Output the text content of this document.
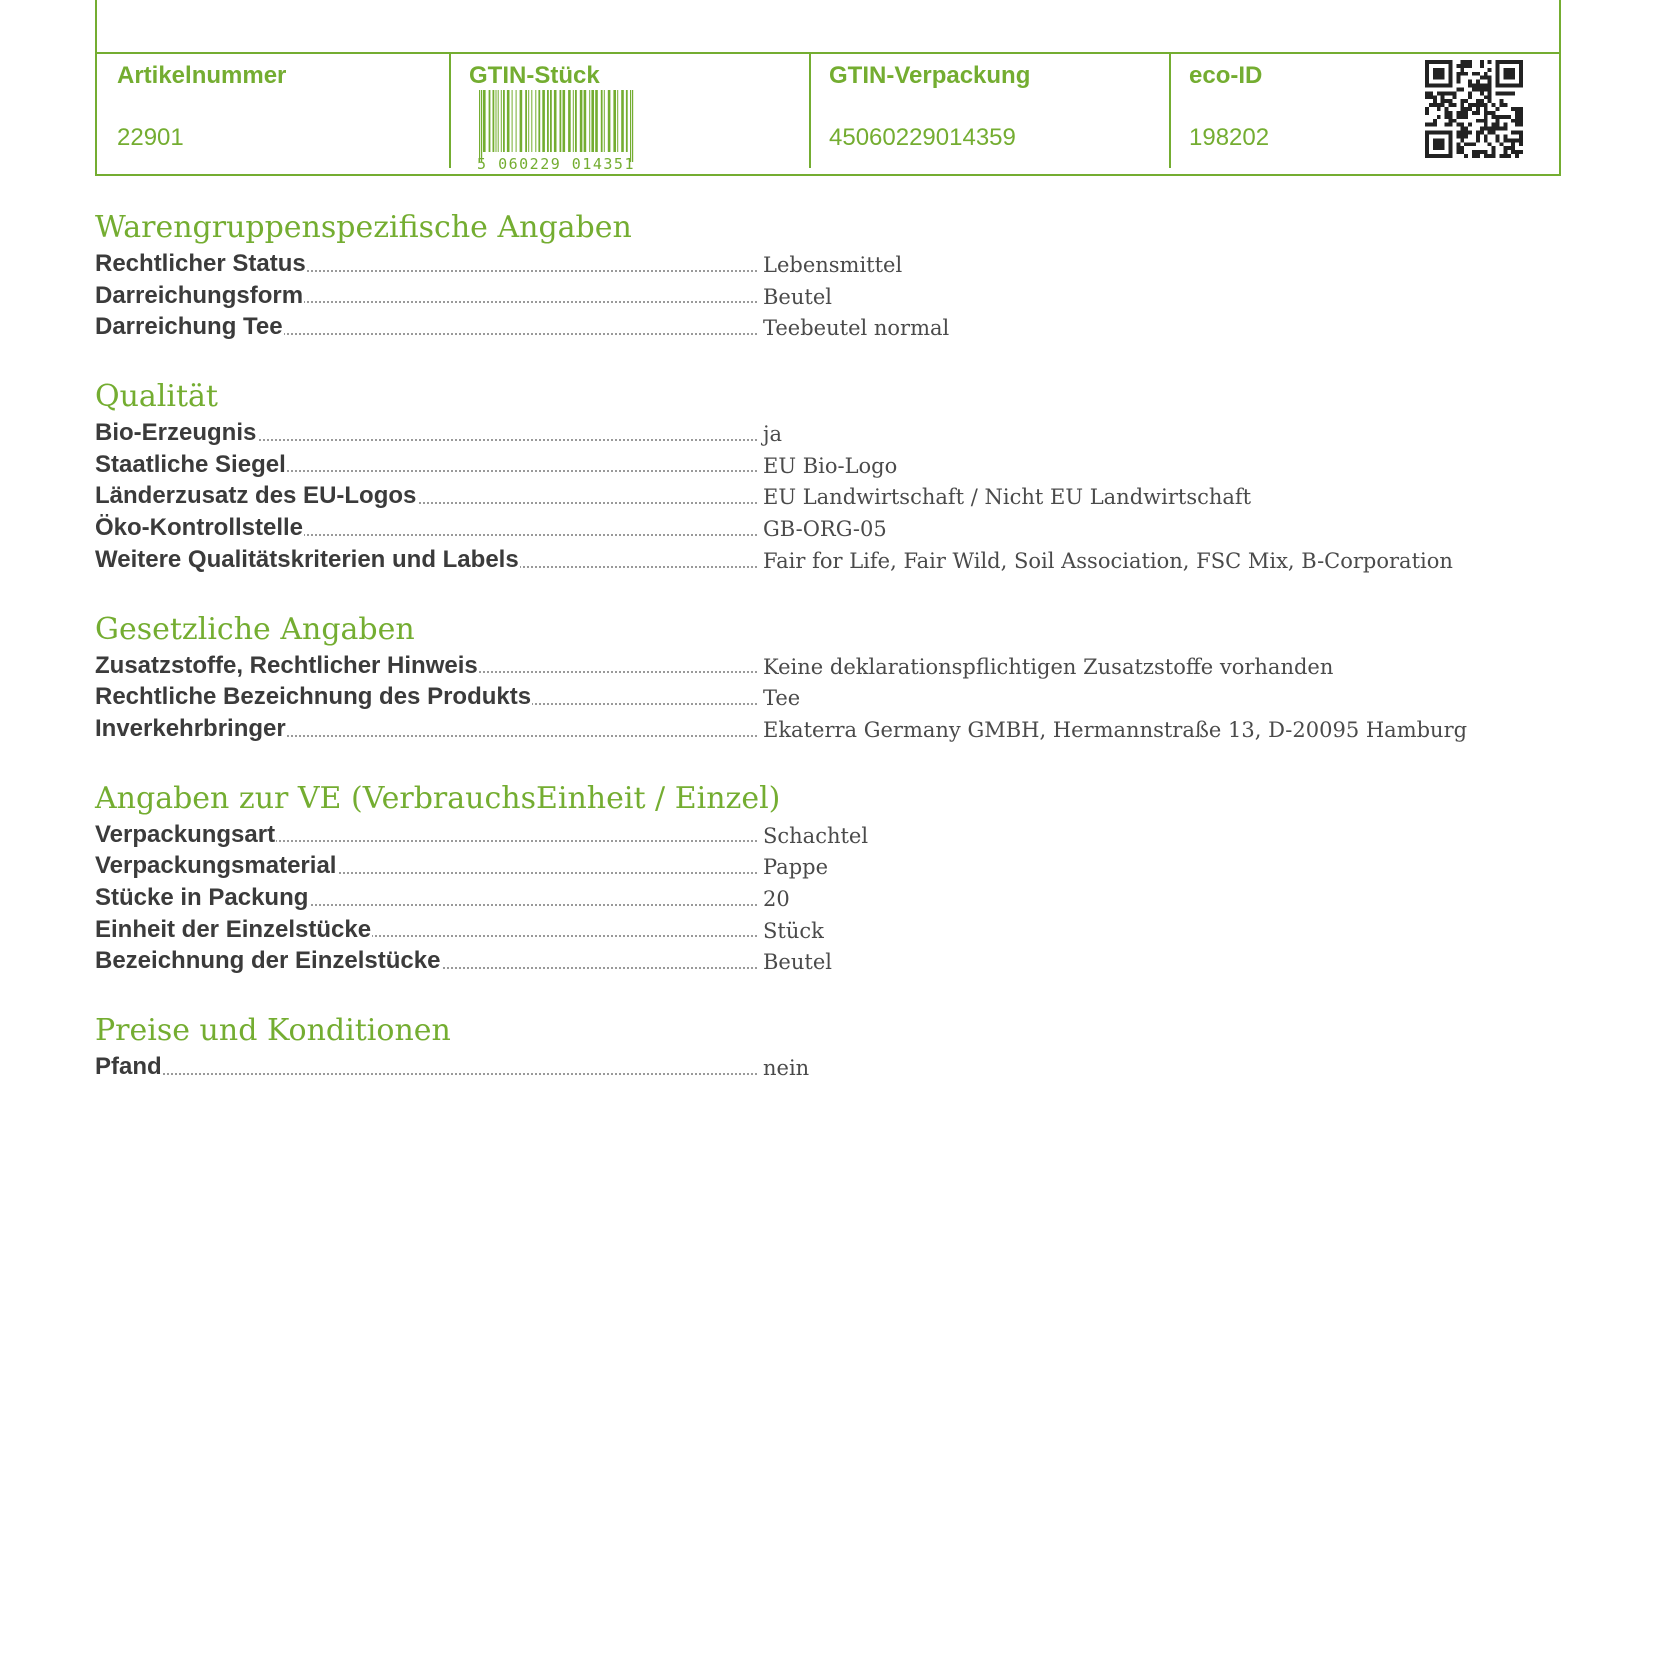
Artikelnummer
22901
GTIN-Stück
5 060229 014351
GTIN-Verpackung
45060229014359
eco-ID
198202
Warengruppenspezifische Angaben
Rechtlicher Status	Lebensmittel
Darreichungsform	Beutel
Darreichung Tee	Teebeutel normal
Qualität
Bio-Erzeugnis	ja
Staatliche Siegel	EU Bio-Logo
Länderzusatz des EU-Logos	EU Landwirtschaft / Nicht EU Landwirtschaft
Öko-Kontrollstelle	GB-ORG-05
Weitere Qualitätskriterien und Labels	Fair for Life, Fair Wild, Soil Association, FSC Mix, B-Corporation
Gesetzliche Angaben
Zusatzstoffe, Rechtlicher Hinweis	Keine deklarationspflichtigen Zusatzstoffe vorhanden
Rechtliche Bezeichnung des Produkts	Tee
Inverkehrbringer	Ekaterra Germany GMBH, Hermannstraße 13, D-20095 Hamburg
Angaben zur VE (VerbrauchsEinheit / Einzel)
Verpackungsart	Schachtel
Verpackungsmaterial	Pappe
Stücke in Packung	20
Einheit der Einzelstücke	Stück
Bezeichnung der Einzelstücke	Beutel
Preise und Konditionen
Pfand	nein
